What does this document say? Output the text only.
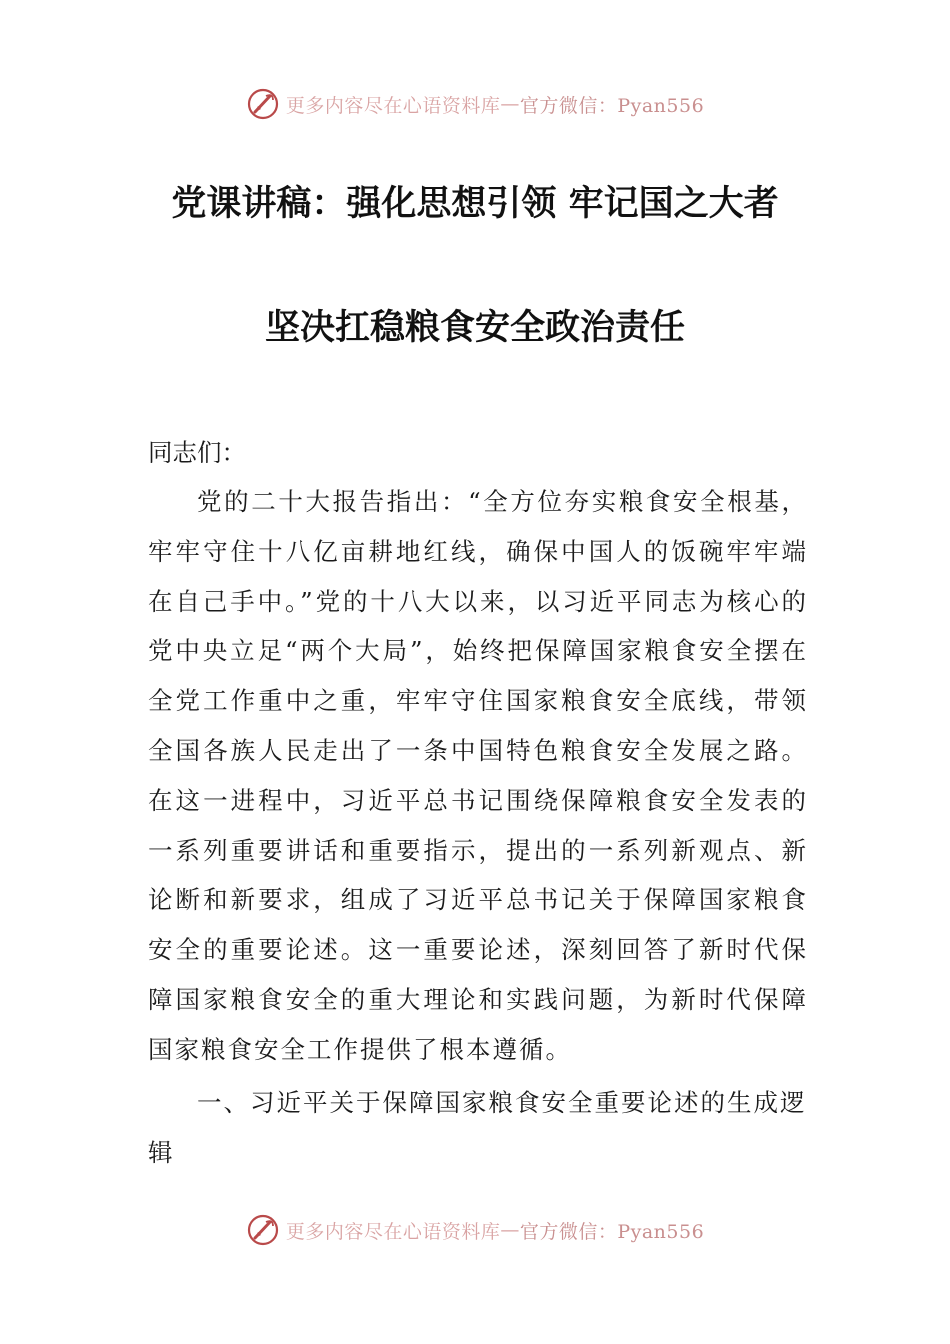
更多内容尽在心语资料库 — 官方微信：Pyan556
党课讲稿：强化思想引领 牢记国之大者
坚决扛稳粮食安全政治责任
同志们：
党的二十大报告指出：“全方位夯实粮食安全根基，牢牢守住十八亿亩耕地红线，确保中国人的饭碗牢牢端在自己手中。”党的十八大以来，以习近平同志为核心的党中央立足“两个大局”，始终把保障国家粮食安全摆在全党工作重中之重，牢牢守住国家粮食安全底线，带领全国各族人民走出了一条中国特色粮食安全发展之路。在这一进程中，习近平总书记围绕保障粮食安全发表的一系列重要讲话和重要指示，提出的一系列新观点、新论断和新要求，组成了习近平总书记关于保障国家粮食安全的重要论述。这一重要论述，深刻回答了新时代保障国家粮食安全的重大理论和实践问题，为新时代保障国家粮食安全工作提供了根本遵循。
一、习近平关于保障国家粮食安全重要论述的生成逻辑
更多内容尽在心语资料库 — 官方微信：Pyan556
